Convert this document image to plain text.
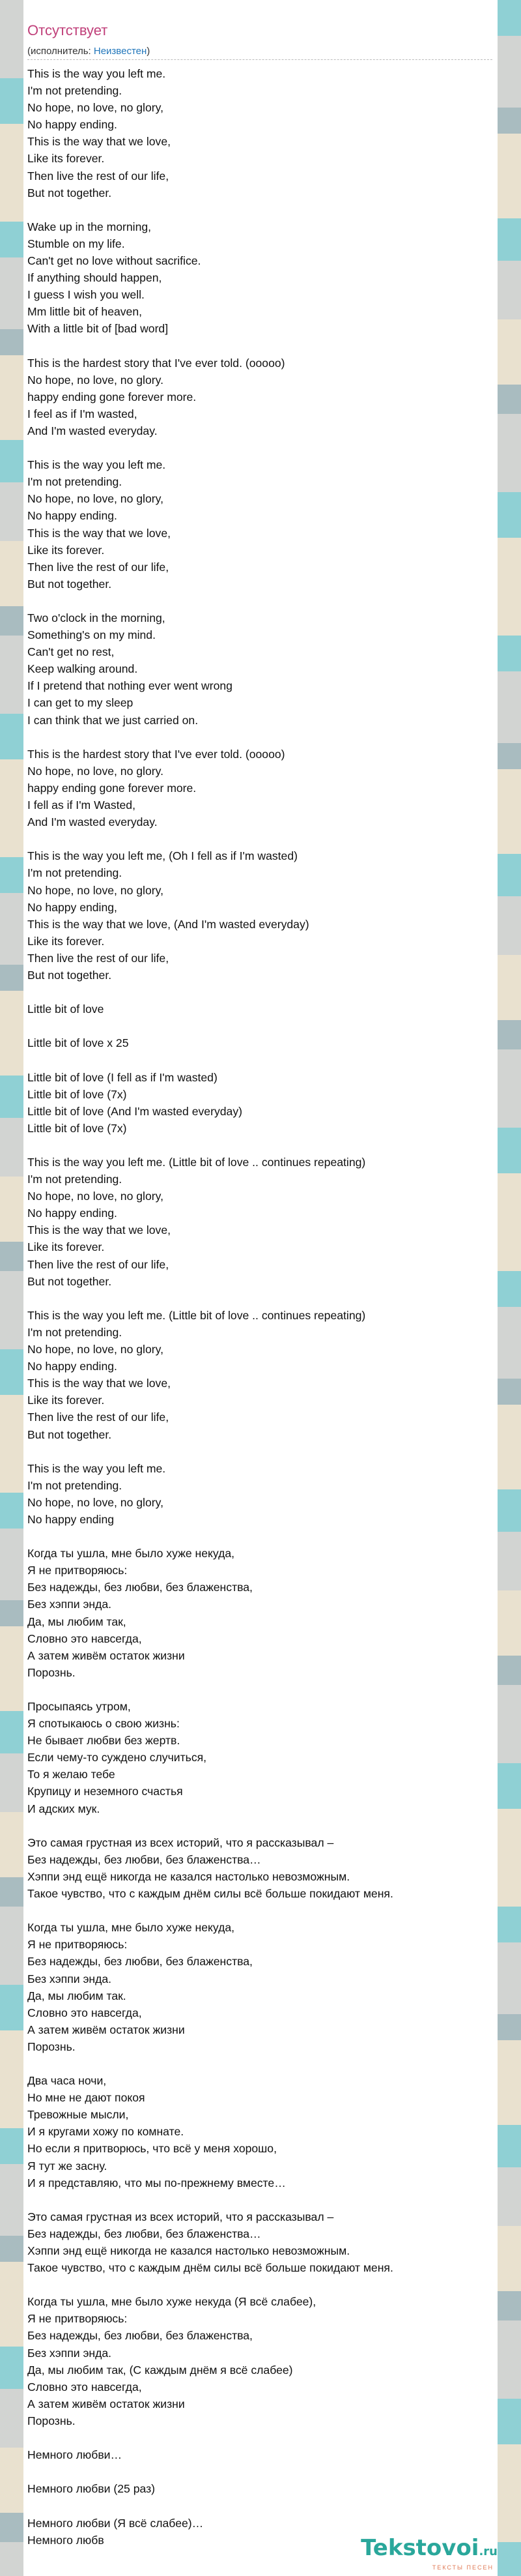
Отсутствует
(исполнитель: Неизвестен)
This is the way you left me.
I'm not pretending.
No hope, no love, no glory,
No happy ending.
This is the way that we love,
Like its forever.
Then live the rest of our life,
But not together.
Wake up in the morning,
Stumble on my life.
Can't get no love without sacrifice.
If anything should happen,
I guess I wish you well.
Mm little bit of heaven,
With a little bit of [bad word]
This is the hardest story that I've ever told. (ooooo)
No hope, no love, no glory.
happy ending gone forever more.
I feel as if I'm wasted,
And I'm wasted everyday.
This is the way you left me.
I'm not pretending.
No hope, no love, no glory,
No happy ending.
This is the way that we love,
Like its forever.
Then live the rest of our life,
But not together.
Two o'clock in the morning,
Something's on my mind.
Can't get no rest,
Keep walking around.
If I pretend that nothing ever went wrong
I can get to my sleep
I can think that we just carried on.
This is the hardest story that I've ever told. (ooooo)
No hope, no love, no glory.
happy ending gone forever more.
I fell as if I'm Wasted,
And I'm wasted everyday.
This is the way you left me, (Oh I fell as if I'm wasted)
I'm not pretending.
No hope, no love, no glory,
No happy ending,
This is the way that we love, (And I'm wasted everyday)
Like its forever.
Then live the rest of our life,
But not together.
Little bit of love
Little bit of love x 25
Little bit of love (I fell as if I'm wasted)
Little bit of love (7x)
Little bit of love (And I'm wasted everyday)
Little bit of love (7x)
This is the way you left me. (Little bit of love .. continues repeating)
I'm not pretending.
No hope, no love, no glory,
No happy ending.
This is the way that we love,
Like its forever.
Then live the rest of our life,
But not together.
This is the way you left me. (Little bit of love .. continues repeating)
I'm not pretending.
No hope, no love, no glory,
No happy ending.
This is the way that we love,
Like its forever.
Then live the rest of our life,
But not together.
This is the way you left me.
I'm not pretending.
No hope, no love, no glory,
No happy ending
Когда ты ушла, мне было хуже некуда,
Я не притворяюсь:
Без надежды, без любви, без блаженства,
Без хэппи энда.
Да, мы любим так,
Словно это навсегда,
А затем живём остаток жизни
Порознь.
Просыпаясь утром,
Я спотыкаюсь о свою жизнь:
Не бывает любви без жертв.
Если чему-то суждено случиться,
То я желаю тебе
Крупицу и неземного счастья
И адских мук.
Это самая грустная из всех историй, что я рассказывал –
Без надежды, без любви, без блаженства…
Хэппи энд ещё никогда не казался настолько невозможным.
Такое чувство, что с каждым днём силы всё больше покидают меня.
Когда ты ушла, мне было хуже некуда,
Я не притворяюсь:
Без надежды, без любви, без блаженства,
Без хэппи энда.
Да, мы любим так.
Словно это навсегда,
А затем живём остаток жизни
Порознь.
Два часа ночи,
Но мне не дают покоя
Тревожные мысли,
И я кругами хожу по комнате.
Но если я притворюсь, что всё у меня хорошо,
Я тут же засну.
И я представляю, что мы по-прежнему вместе…
Это самая грустная из всех историй, что я рассказывал –
Без надежды, без любви, без блаженства…
Хэппи энд ещё никогда не казался настолько невозможным.
Такое чувство, что с каждым днём силы всё больше покидают меня.
Когда ты ушла, мне было хуже некуда (Я всё слабее),
Я не притворяюсь:
Без надежды, без любви, без блаженства,
Без хэппи энда.
Да, мы любим так, (С каждым днём я всё слабее)
Словно это навсегда,
А затем живём остаток жизни
Порознь.
Немного любви…
Немного любви (25 раз)
Немного любви (Я всё слабее)…
Немного любв	Tekstovoi.ru
ТЕКСТЫ ПЕСЕН
